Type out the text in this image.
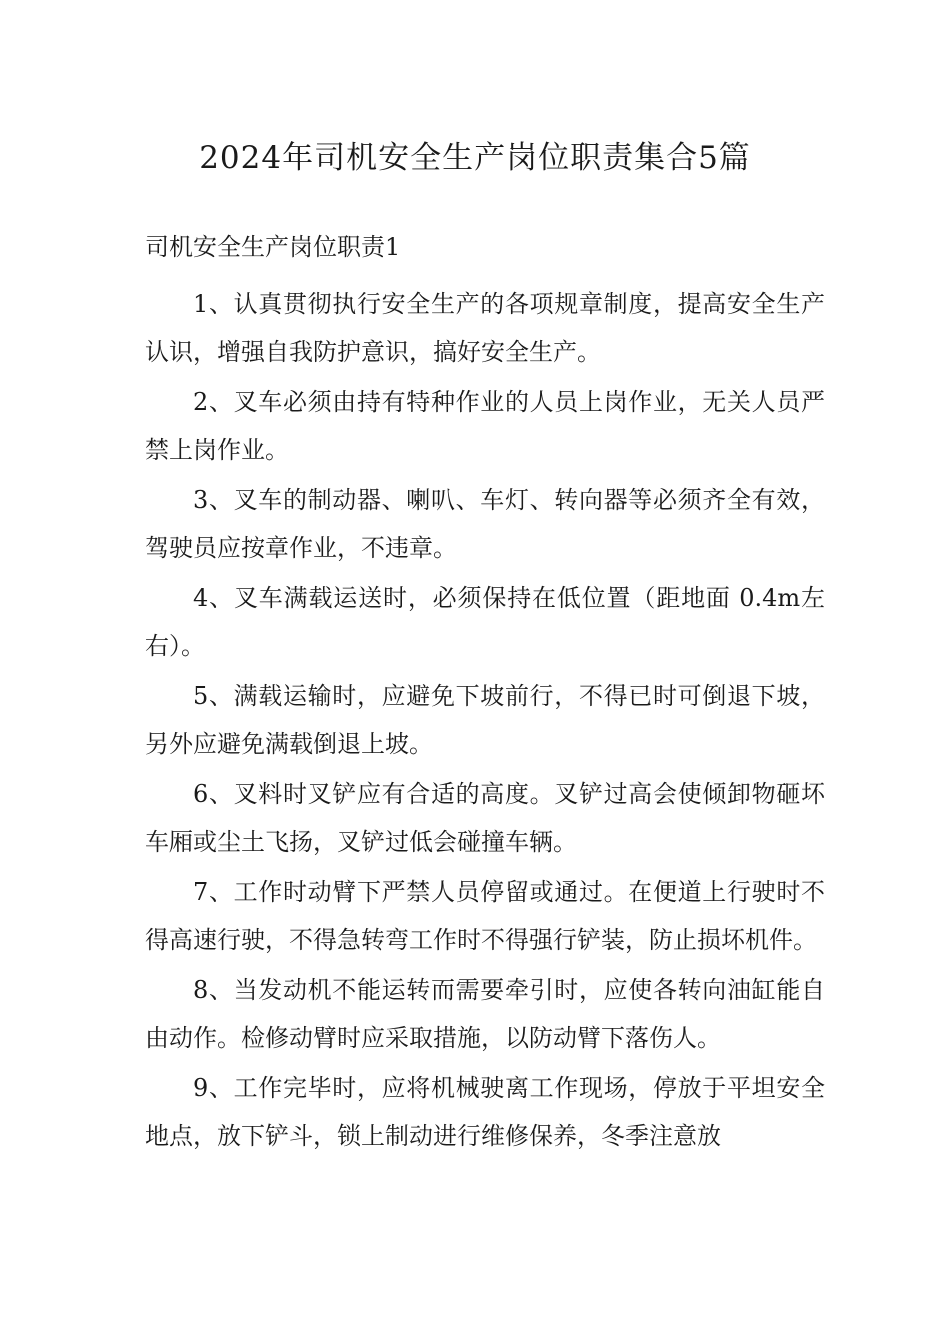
2024年司机安全生产岗位职责集合5篇
司机安全生产岗位职责1

1、认真贯彻执行安全生产的各项规章制度，提高安全生产认识，增强自我防护意识，搞好安全生产。

2、叉车必须由持有特种作业的人员上岗作业，无关人员严禁上岗作业。

3、叉车的制动器、喇叭、车灯、转向器等必须齐全有效，驾驶员应按章作业，不违章。

4、叉车满载运送时，必须保持在低位置（距地面 0.4m左右）。

5、满载运输时，应避免下坡前行，不得已时可倒退下坡，另外应避免满载倒退上坡。

6、叉料时叉铲应有合适的高度。叉铲过高会使倾卸物砸坏车厢或尘土飞扬，叉铲过低会碰撞车辆。

7、工作时动臂下严禁人员停留或通过。在便道上行驶时不得高速行驶，不得急转弯工作时不得强行铲装，防止损坏机件。

8、当发动机不能运转而需要牵引时，应使各转向油缸能自由动作。检修动臂时应采取措施，以防动臂下落伤人。

9、工作完毕时，应将机械驶离工作现场，停放于平坦安全地点，放下铲斗，锁上制动进行维修保养，冬季注意放
